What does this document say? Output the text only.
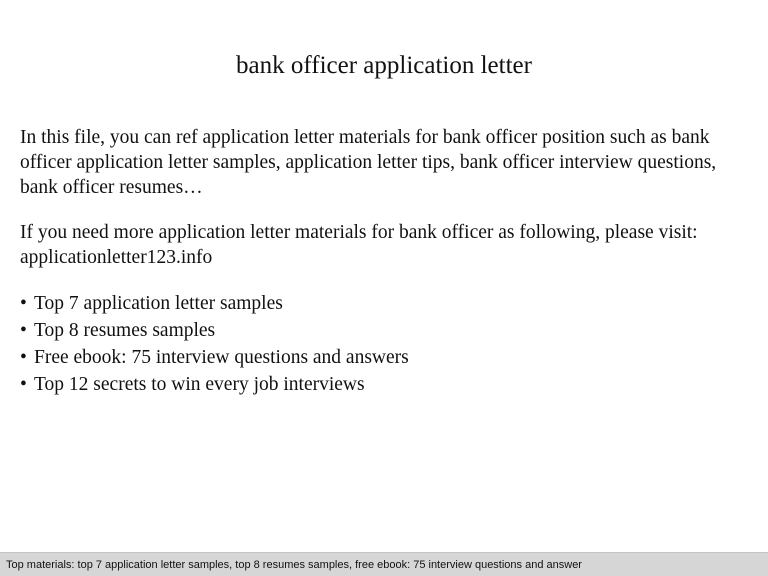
bank officer application letter

In this file, you can ref application letter materials for bank officer position such as bank officer application letter samples, application letter tips, bank officer interview questions, bank officer resumes…

If you need more application letter materials for bank officer as following, please visit: applicationletter123.info

• Top 7 application letter samples
• Top 8 resumes samples
• Free ebook: 75 interview questions and answers
• Top 12 secrets to win every job interviews
Top materials: top 7 application letter samples, top 8 resumes samples, free ebook: 75 interview questions and answer
